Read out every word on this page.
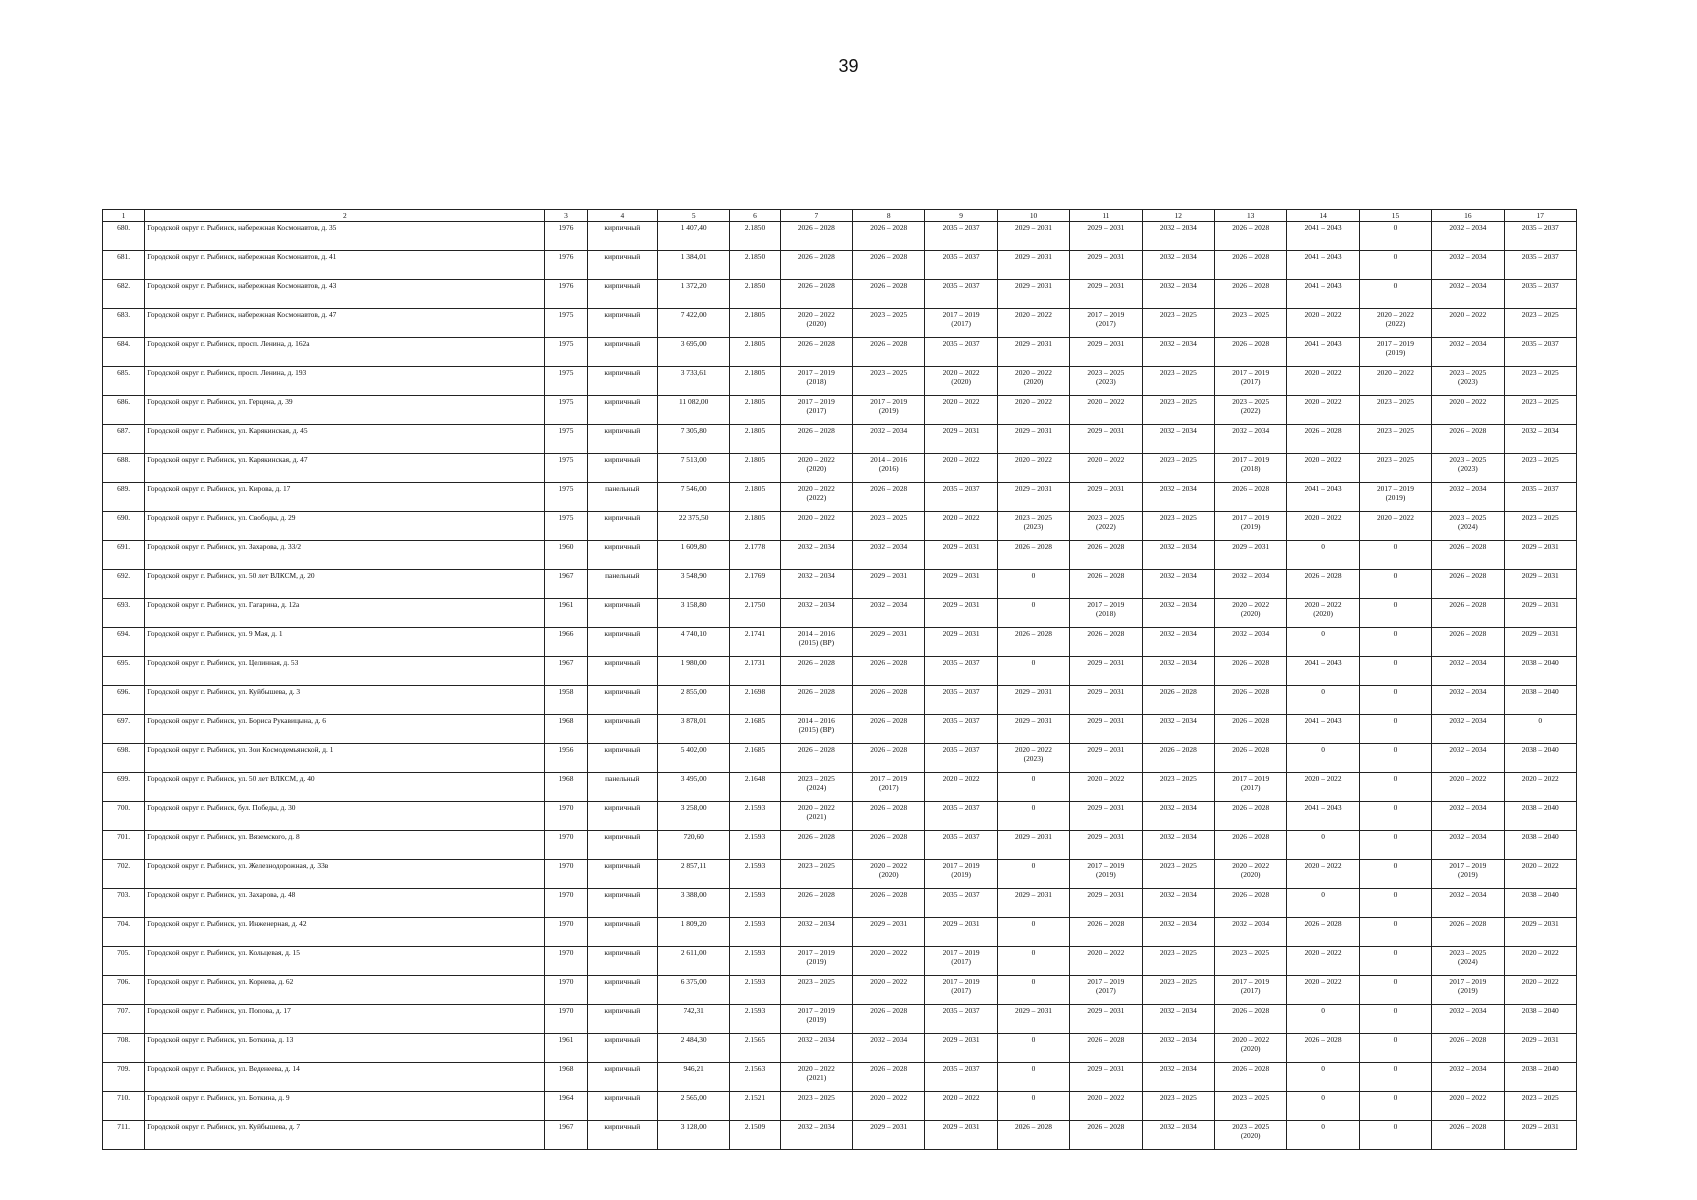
39
1	2	3	4	5	6	7	8	9	10	11	12	13	14	15	16	17

680.	Городской округ г. Рыбинск, набережная Космонавтов, д. 35	1976	кирпичный	1 407,40	2.1850	2026 – 2028	2026 – 2028	2035 – 2037	2029 – 2031	2029 – 2031	2032 – 2034	2026 – 2028	2041 – 2043	0	2032 – 2034	2035 – 2037

681.	Городской округ г. Рыбинск, набережная Космонавтов, д. 41	1976	кирпичный	1 384,01	2.1850	2026 – 2028	2026 – 2028	2035 – 2037	2029 – 2031	2029 – 2031	2032 – 2034	2026 – 2028	2041 – 2043	0	2032 – 2034	2035 – 2037

682.	Городской округ г. Рыбинск, набережная Космонавтов, д. 43	1976	кирпичный	1 372,20	2.1850	2026 – 2028	2026 – 2028	2035 – 2037	2029 – 2031	2029 – 2031	2032 – 2034	2026 – 2028	2041 – 2043	0	2032 – 2034	2035 – 2037

683.	Городской округ г. Рыбинск, набережная Космонавтов, д. 47	1975	кирпичный	7 422,00	2.1805	2020 – 2022
(2020)	2023 – 2025	2017 – 2019
(2017)	2020 – 2022	2017 – 2019
(2017)	2023 – 2025	2023 – 2025	2020 – 2022	2020 – 2022
(2022)	2020 – 2022	2023 – 2025

684.	Городской округ г. Рыбинск, просп. Ленина, д. 162а	1975	кирпичный	3 695,00	2.1805	2026 – 2028	2026 – 2028	2035 – 2037	2029 – 2031	2029 – 2031	2032 – 2034	2026 – 2028	2041 – 2043	2017 – 2019
(2019)	2032 – 2034	2035 – 2037

685.	Городской округ г. Рыбинск, просп. Ленина, д. 193	1975	кирпичный	3 733,61	2.1805	2017 – 2019
(2018)	2023 – 2025	2020 – 2022
(2020)	2020 – 2022
(2020)	2023 – 2025
(2023)	2023 – 2025	2017 – 2019
(2017)	2020 – 2022	2020 – 2022	2023 – 2025
(2023)	2023 – 2025

686.	Городской округ г. Рыбинск, ул. Герцена, д. 39	1975	кирпичный	11 082,00	2.1805	2017 – 2019
(2017)	2017 – 2019
(2019)	2020 – 2022	2020 – 2022	2020 – 2022	2023 – 2025	2023 – 2025
(2022)	2020 – 2022	2023 – 2025	2020 – 2022	2023 – 2025

687.	Городской округ г. Рыбинск, ул. Карякинская, д. 45	1975	кирпичный	7 305,80	2.1805	2026 – 2028	2032 – 2034	2029 – 2031	2029 – 2031	2029 – 2031	2032 – 2034	2032 – 2034	2026 – 2028	2023 – 2025	2026 – 2028	2032 – 2034

688.	Городской округ г. Рыбинск, ул. Карякинская, д. 47	1975	кирпичный	7 513,00	2.1805	2020 – 2022
(2020)	2014 – 2016
(2016)	2020 – 2022	2020 – 2022	2020 – 2022	2023 – 2025	2017 – 2019
(2018)	2020 – 2022	2023 – 2025	2023 – 2025
(2023)	2023 – 2025

689.	Городской округ г. Рыбинск, ул. Кирова, д. 17	1975	панельный	7 546,00	2.1805	2020 – 2022
(2022)	2026 – 2028	2035 – 2037	2029 – 2031	2029 – 2031	2032 – 2034	2026 – 2028	2041 – 2043	2017 – 2019
(2019)	2032 – 2034	2035 – 2037

690.	Городской округ г. Рыбинск, ул. Свободы, д. 29	1975	кирпичный	22 375,50	2.1805	2020 – 2022	2023 – 2025	2020 – 2022	2023 – 2025
(2023)	2023 – 2025
(2022)	2023 – 2025	2017 – 2019
(2019)	2020 – 2022	2020 – 2022	2023 – 2025
(2024)	2023 – 2025

691.	Городской округ г. Рыбинск, ул. Захарова, д. 33/2	1960	кирпичный	1 609,80	2.1778	2032 – 2034	2032 – 2034	2029 – 2031	2026 – 2028	2026 – 2028	2032 – 2034	2029 – 2031	0	0	2026 – 2028	2029 – 2031

692.	Городской округ г. Рыбинск, ул. 50 лет ВЛКСМ, д. 20	1967	панельный	3 548,90	2.1769	2032 – 2034	2029 – 2031	2029 – 2031	0	2026 – 2028	2032 – 2034	2032 – 2034	2026 – 2028	0	2026 – 2028	2029 – 2031

693.	Городской округ г. Рыбинск, ул. Гагарина, д. 12а	1961	кирпичный	3 158,80	2.1750	2032 – 2034	2032 – 2034	2029 – 2031	0	2017 – 2019
(2018)	2032 – 2034	2020 – 2022
(2020)	2020 – 2022
(2020)	0	2026 – 2028	2029 – 2031

694.	Городской округ г. Рыбинск, ул. 9 Мая, д. 1	1966	кирпичный	4 740,10	2.1741	2014 – 2016
(2015) (ВР)	2029 – 2031	2029 – 2031	2026 – 2028	2026 – 2028	2032 – 2034	2032 – 2034	0	0	2026 – 2028	2029 – 2031

695.	Городской округ г. Рыбинск, ул. Целинная, д. 53	1967	кирпичный	1 980,00	2.1731	2026 – 2028	2026 – 2028	2035 – 2037	0	2029 – 2031	2032 – 2034	2026 – 2028	2041 – 2043	0	2032 – 2034	2038 – 2040

696.	Городской округ г. Рыбинск, ул. Куйбышева, д. 3	1958	кирпичный	2 855,00	2.1698	2026 – 2028	2026 – 2028	2035 – 2037	2029 – 2031	2029 – 2031	2026 – 2028	2026 – 2028	0	0	2032 – 2034	2038 – 2040

697.	Городской округ г. Рыбинск, ул. Бориса Рукавицына, д. 6	1968	кирпичный	3 878,01	2.1685	2014 – 2016
(2015) (ВР)	2026 – 2028	2035 – 2037	2029 – 2031	2029 – 2031	2032 – 2034	2026 – 2028	2041 – 2043	0	2032 – 2034	0

698.	Городской округ г. Рыбинск, ул. Зои Космодемьянской, д. 1	1956	кирпичный	5 402,00	2.1685	2026 – 2028	2026 – 2028	2035 – 2037	2020 – 2022
(2023)	2029 – 2031	2026 – 2028	2026 – 2028	0	0	2032 – 2034	2038 – 2040

699.	Городской округ г. Рыбинск, ул. 50 лет ВЛКСМ, д. 40	1968	панельный	3 495,00	2.1648	2023 – 2025
(2024)	2017 – 2019
(2017)	2020 – 2022	0	2020 – 2022	2023 – 2025	2017 – 2019
(2017)	2020 – 2022	0	2020 – 2022	2020 – 2022

700.	Городской округ г. Рыбинск, бул. Победы, д. 30	1970	кирпичный	3 258,00	2.1593	2020 – 2022
(2021)	2026 – 2028	2035 – 2037	0	2029 – 2031	2032 – 2034	2026 – 2028	2041 – 2043	0	2032 – 2034	2038 – 2040

701.	Городской округ г. Рыбинск, ул. Вяземского, д. 8	1970	кирпичный	720,60	2.1593	2026 – 2028	2026 – 2028	2035 – 2037	2029 – 2031	2029 – 2031	2032 – 2034	2026 – 2028	0	0	2032 – 2034	2038 – 2040

702.	Городской округ г. Рыбинск, ул. Железнодорожная, д. 33в	1970	кирпичный	2 857,11	2.1593	2023 – 2025	2020 – 2022
(2020)	2017 – 2019
(2019)	0	2017 – 2019
(2019)	2023 – 2025	2020 – 2022
(2020)	2020 – 2022	0	2017 – 2019
(2019)	2020 – 2022

703.	Городской округ г. Рыбинск, ул. Захарова, д. 48	1970	кирпичный	3 388,00	2.1593	2026 – 2028	2026 – 2028	2035 – 2037	2029 – 2031	2029 – 2031	2032 – 2034	2026 – 2028	0	0	2032 – 2034	2038 – 2040

704.	Городской округ г. Рыбинск, ул. Инженерная, д. 42	1970	кирпичный	1 809,20	2.1593	2032 – 2034	2029 – 2031	2029 – 2031	0	2026 – 2028	2032 – 2034	2032 – 2034	2026 – 2028	0	2026 – 2028	2029 – 2031

705.	Городской округ г. Рыбинск, ул. Кольцевая, д. 15	1970	кирпичный	2 611,00	2.1593	2017 – 2019
(2019)	2020 – 2022	2017 – 2019
(2017)	0	2020 – 2022	2023 – 2025	2023 – 2025	2020 – 2022	0	2023 – 2025
(2024)	2020 – 2022

706.	Городской округ г. Рыбинск, ул. Корнева, д. 62	1970	кирпичный	6 375,00	2.1593	2023 – 2025	2020 – 2022	2017 – 2019
(2017)	0	2017 – 2019
(2017)	2023 – 2025	2017 – 2019
(2017)	2020 – 2022	0	2017 – 2019
(2019)	2020 – 2022

707.	Городской округ г. Рыбинск, ул. Попова, д. 17	1970	кирпичный	742,31	2.1593	2017 – 2019
(2019)	2026 – 2028	2035 – 2037	2029 – 2031	2029 – 2031	2032 – 2034	2026 – 2028	0	0	2032 – 2034	2038 – 2040

708.	Городской округ г. Рыбинск, ул. Боткина, д. 13	1961	кирпичный	2 484,30	2.1565	2032 – 2034	2032 – 2034	2029 – 2031	0	2026 – 2028	2032 – 2034	2020 – 2022
(2020)	2026 – 2028	0	2026 – 2028	2029 – 2031

709.	Городской округ г. Рыбинск, ул. Веденеева, д. 14	1968	кирпичный	946,21	2.1563	2020 – 2022
(2021)	2026 – 2028	2035 – 2037	0	2029 – 2031	2032 – 2034	2026 – 2028	0	0	2032 – 2034	2038 – 2040

710.	Городской округ г. Рыбинск, ул. Боткина, д. 9	1964	кирпичный	2 565,00	2.1521	2023 – 2025	2020 – 2022	2020 – 2022	0	2020 – 2022	2023 – 2025	2023 – 2025	0	0	2020 – 2022	2023 – 2025

711.	Городской округ г. Рыбинск, ул. Куйбышева, д. 7	1967	кирпичный	3 128,00	2.1509	2032 – 2034	2029 – 2031	2029 – 2031	2026 – 2028	2026 – 2028	2032 – 2034	2023 – 2025
(2020)	0	0	2026 – 2028	2029 – 2031
